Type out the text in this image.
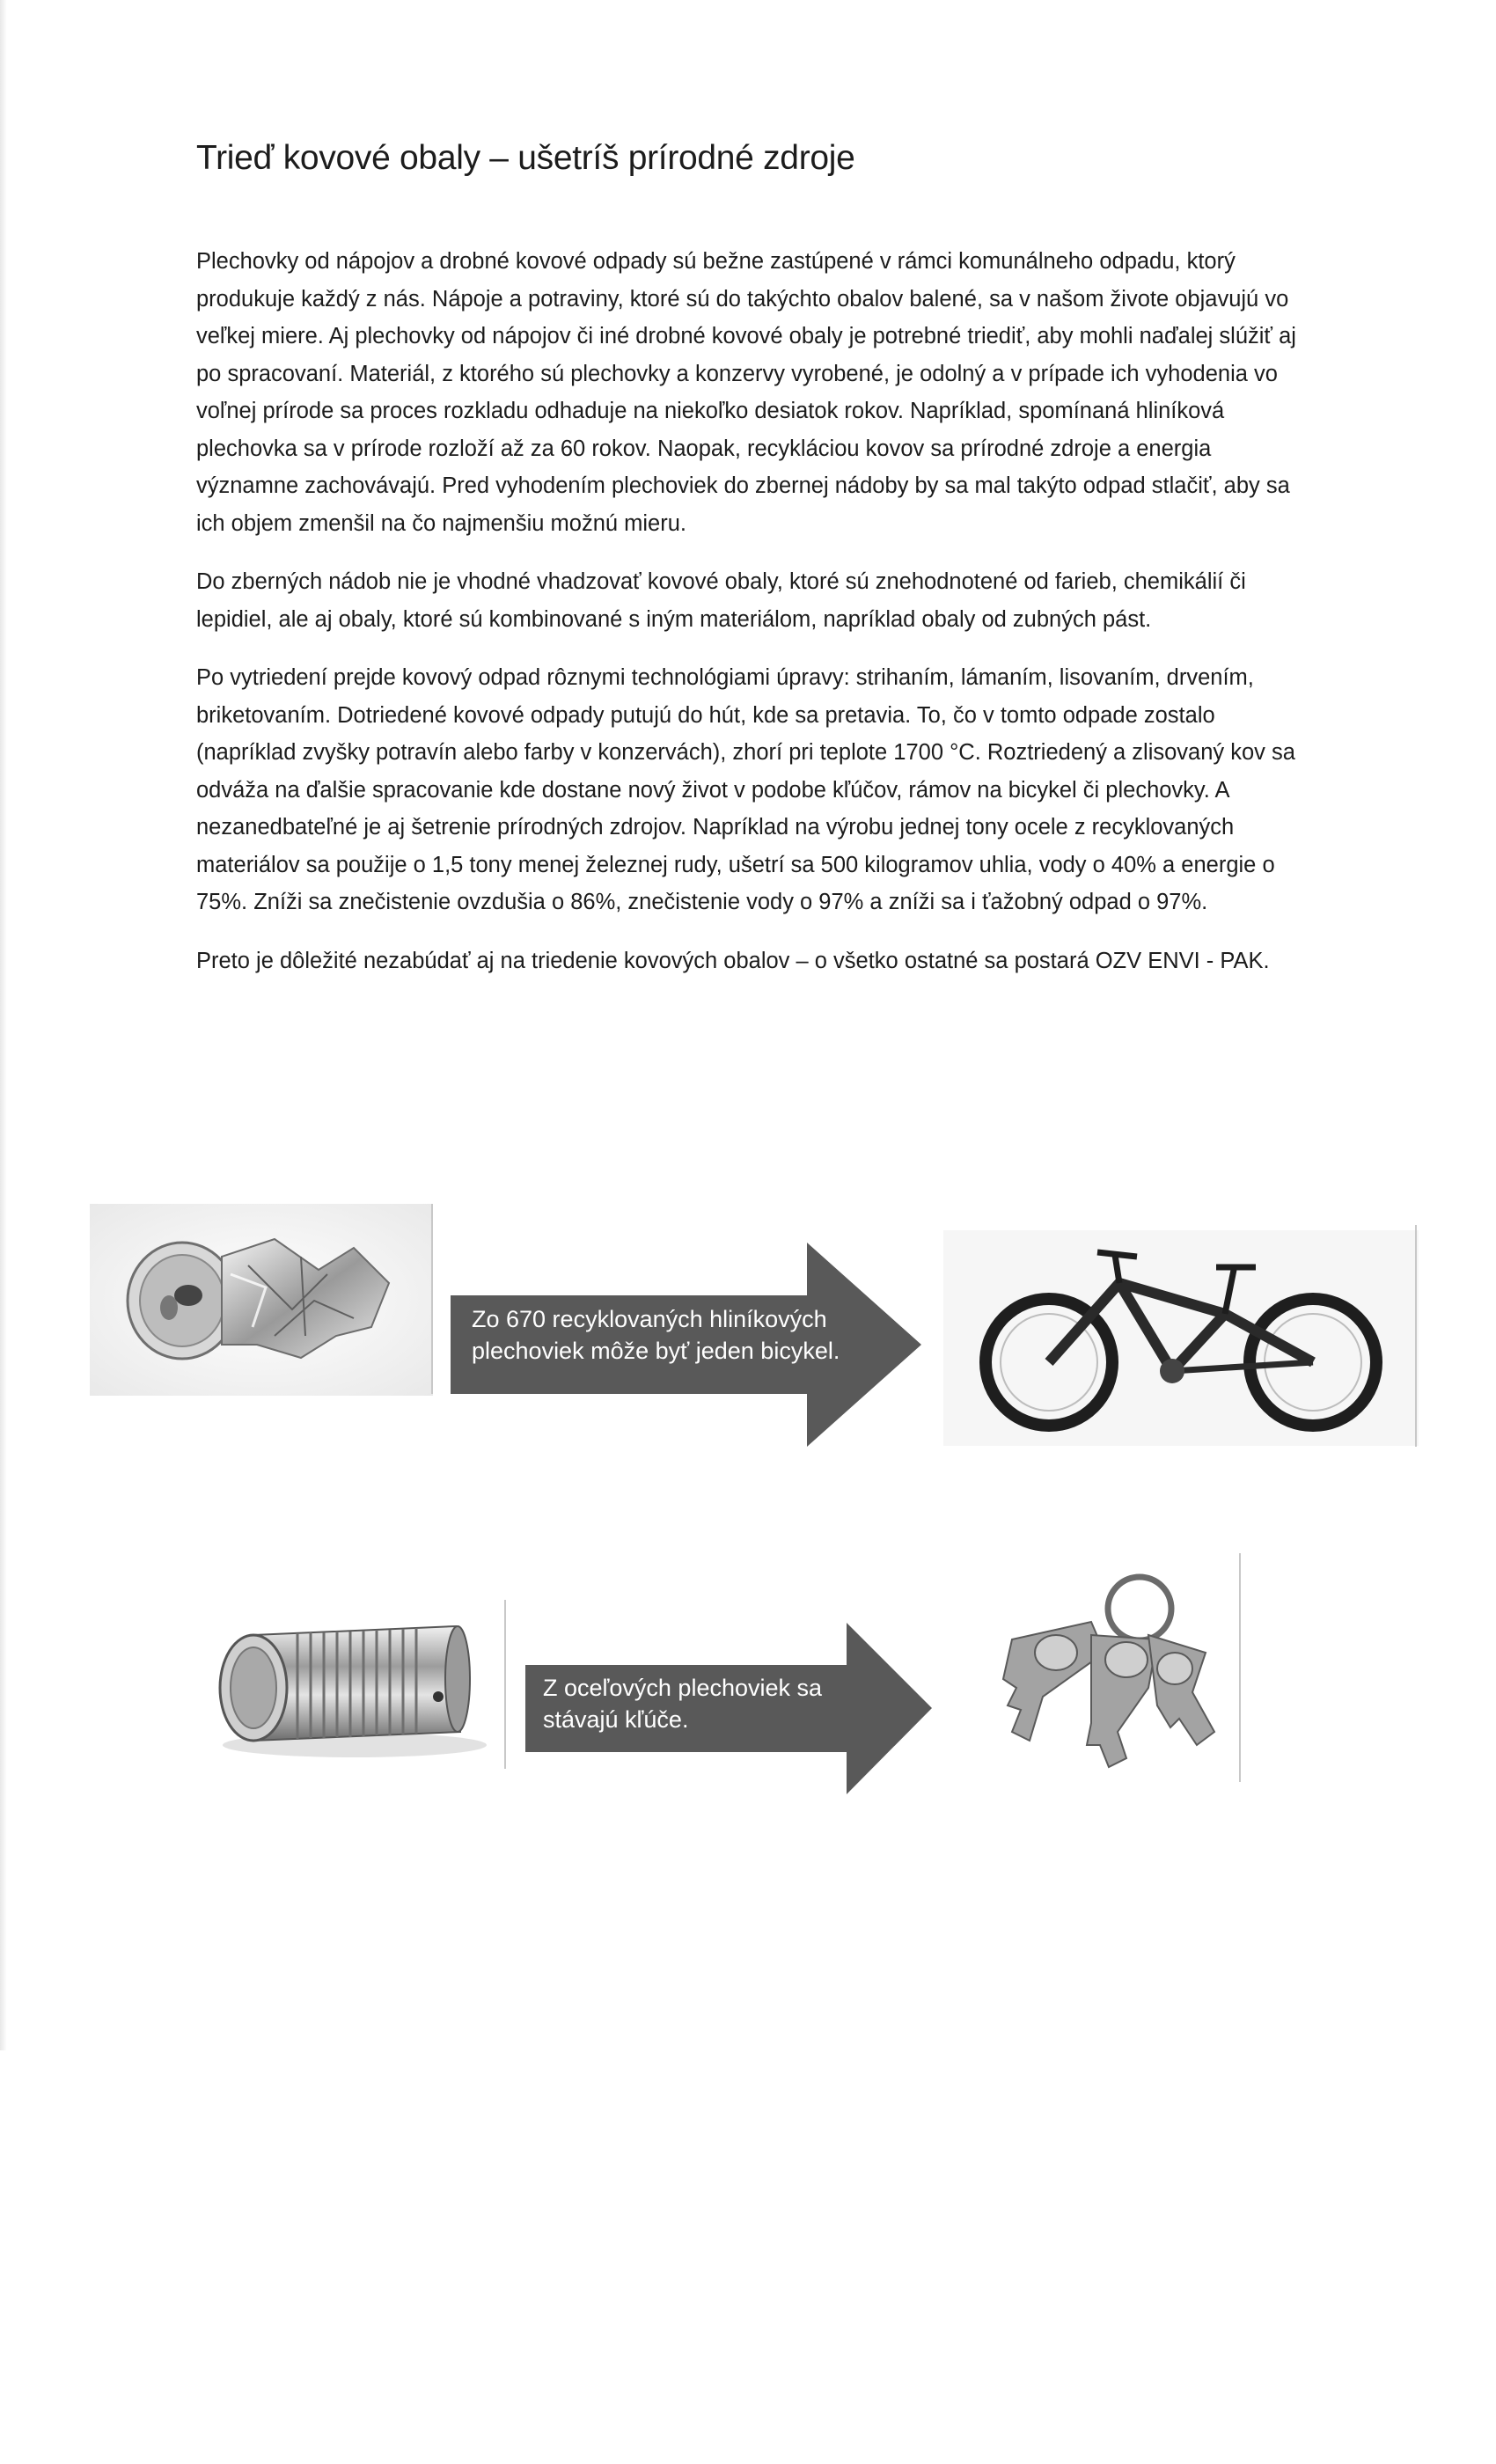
Trieď kovové obaly – ušetríš prírodné zdroje

Plechovky od nápojov a drobné kovové odpady sú bežne zastúpené v rámci komunálneho odpadu, ktorý produkuje každý z nás. Nápoje a potraviny, ktoré sú do takýchto obalov balené, sa v našom živote objavujú vo veľkej miere. Aj plechovky od nápojov či iné drobné kovové obaly je potrebné triediť, aby mohli naďalej slúžiť aj po spracovaní. Materiál, z ktorého sú plechovky a konzervy vyrobené, je odolný a v prípade ich vyhodenia vo voľnej prírode sa proces rozkladu odhaduje na niekoľko desiatok rokov. Napríklad, spomínaná hliníková plechovka sa v prírode rozloží až za 60 rokov. Naopak, recykláciou kovov sa prírodné zdroje a energia významne zachovávajú. Pred vyhodením plechoviek do zbernej nádoby by sa mal takýto odpad stlačiť, aby sa ich objem zmenšil na čo najmenšiu možnú mieru.

Do zberných nádob nie je vhodné vhadzovať kovové obaly, ktoré sú znehodnotené od farieb, chemikálií či lepidiel, ale aj obaly, ktoré sú kombinované s iným materiálom, napríklad obaly od zubných pást.

Po vytriedení prejde kovový odpad rôznymi technológiami úpravy: strihaním, lámaním, lisovaním, drvením, briketovaním. Dotriedené kovové odpady putujú do hút, kde sa pretavia. To, čo v tomto odpade zostalo (napríklad zvyšky potravín alebo farby v konzervách), zhorí pri teplote 1700 °C. Roztriedený a zlisovaný kov sa odváža na ďalšie spracovanie kde dostane nový život v podobe kľúčov, rámov na bicykel či plechovky. A nezanedbateľné je aj šetrenie prírodných zdrojov. Napríklad na výrobu jednej tony ocele z recyklovaných materiálov sa použije o 1,5 tony menej železnej rudy, ušetrí sa 500 kilogramov uhlia, vody o 40% a energie o 75%. Zníži sa znečistenie ovzdušia o 86%, znečistenie vody o 97% a zníži sa i ťažobný odpad o 97%.

Preto je dôležité nezabúdať aj na triedenie kovových obalov – o všetko ostatné sa postará OZV ENVI - PAK.

Zo 670 recyklovaných hliníkových
plechoviek môže byť jeden bicykel.
Z oceľových plechoviek sa
stávajú kľúče.
